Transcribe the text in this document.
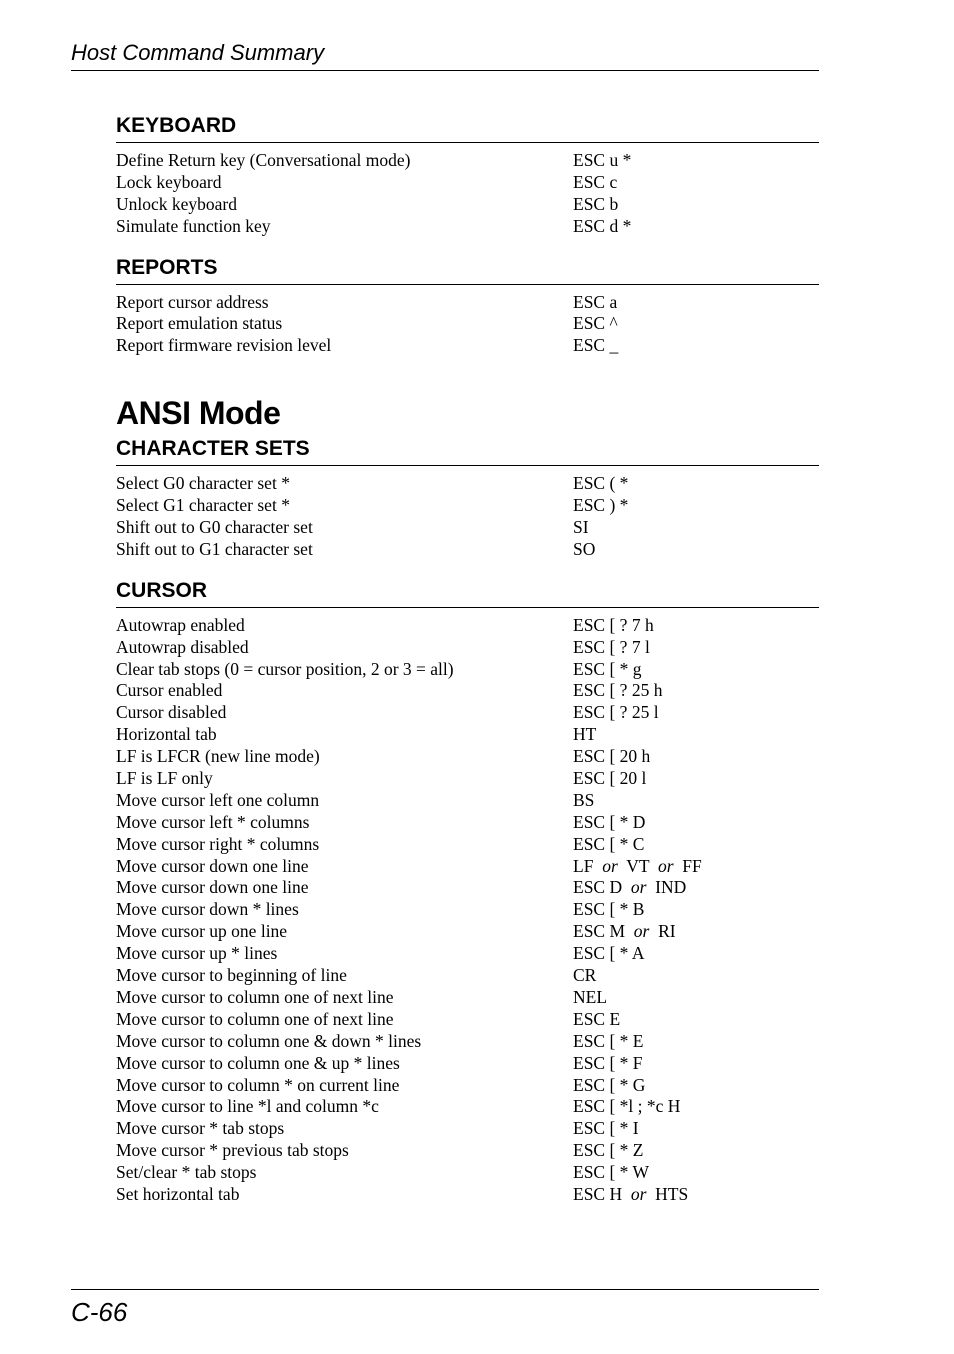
Host Command Summary
KEYBOARD
Define Return key (Conversational mode)	ESC u *
Lock keyboard	ESC c
Unlock keyboard	ESC b
Simulate function key	ESC d *
REPORTS
Report cursor address	ESC a
Report emulation status	ESC ^
Report firmware revision level	ESC _
ANSI Mode
CHARACTER SETS
Select G0 character set *	ESC ( *
Select G1 character set *	ESC ) *
Shift out to G0 character set	SI
Shift out to G1 character set	SO
CURSOR
Autowrap enabled	ESC [ ? 7 h
Autowrap disabled	ESC [ ? 7 l
Clear tab stops (0 = cursor position, 2 or 3 = all)	ESC [ * g
Cursor enabled	ESC [ ? 25 h
Cursor disabled	ESC [ ? 25 l
Horizontal tab	HT
LF is LFCR (new line mode)	ESC [ 20 h
LF is LF only	ESC [ 20 l
Move cursor left one column	BS
Move cursor left * columns	ESC [ * D
Move cursor right * columns	ESC [ * C
Move cursor down one line	LF or VT or FF
Move cursor down one line	ESC D or IND
Move cursor down * lines	ESC [ * B
Move cursor up one line	ESC M or RI
Move cursor up * lines	ESC [ * A
Move cursor to beginning of line	CR
Move cursor to column one of next line	NEL
Move cursor to column one of next line	ESC E
Move cursor to column one & down * lines	ESC [ * E
Move cursor to column one & up * lines	ESC [ * F
Move cursor to column * on current line	ESC [ * G
Move cursor to line *l and column *c	ESC [ *l ; *c H
Move cursor * tab stops	ESC [ * I
Move cursor * previous tab stops	ESC [ * Z
Set/clear * tab stops	ESC [ * W
Set horizontal tab	ESC H or HTS
C-66
